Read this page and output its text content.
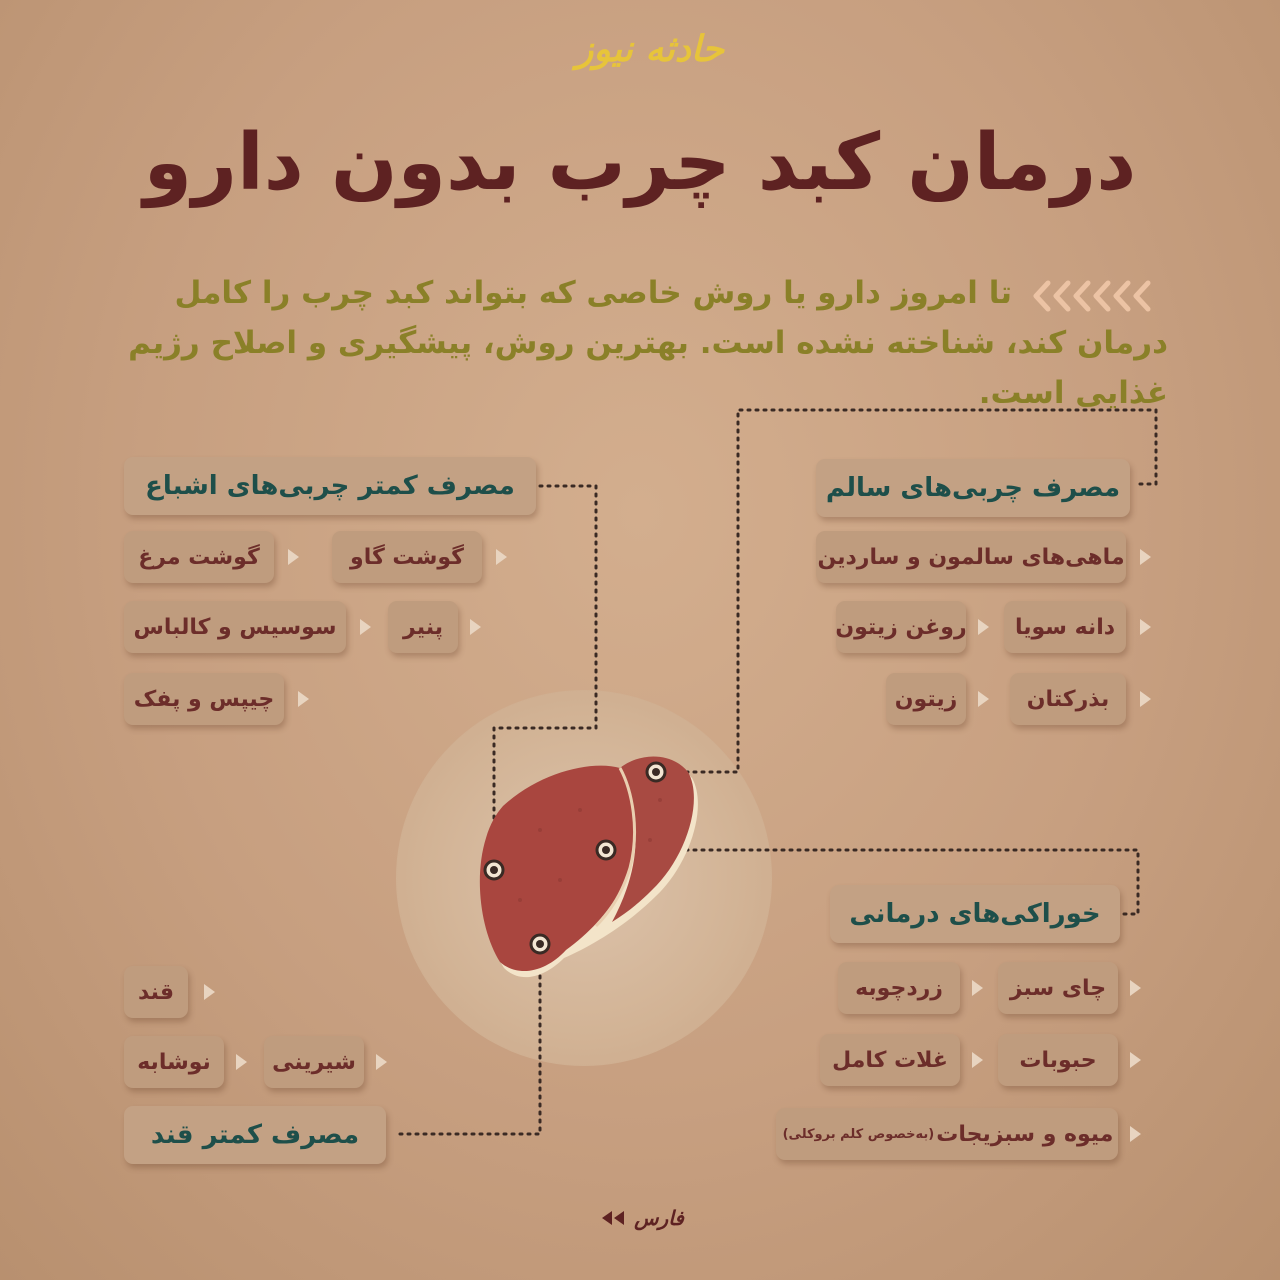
حادثه نیوز
درمان کبد چرب بدون دارو
تا امروز دارو یا روش خاصی که بتواند کبد چرب را کامل درمان کند، شناخته نشده است. بهترین روش، پیشگیری و اصلاح رژیم غذایی است.
مصرف چربی‌های سالم
ماهی‌های سالمون و ساردین
دانه سویا
روغن زیتون
بذرکتان
زیتون
مصرف کمتر چربی‌های اشباع
گوشت گاو
گوشت مرغ
پنیر
سوسیس و کالباس
چیپس و پفک
خوراکی‌های درمانی
چای سبز
زردچوبه
حبوبات
غلات کامل
میوه و سبزیجات
(به‌خصوص کلم بروکلی)
قند
شیرینی
نوشابه
مصرف کمتر قند
فارس
